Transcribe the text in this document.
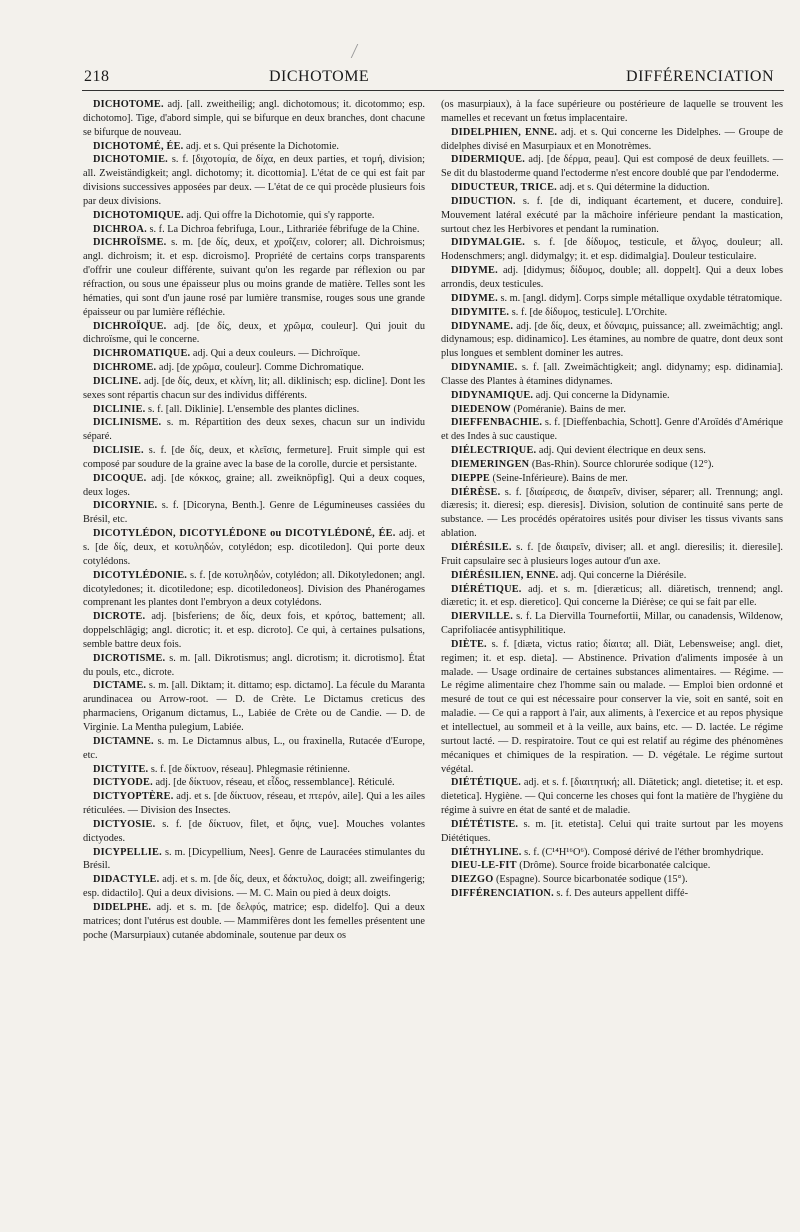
218	DICHOTOME	DIFFÉRENCIATION

DICHOTOME. adj. [all. zweitheilig; angl. dichotomous; it. dicotommo; esp. dichotomo]. Tige, d'abord simple, qui se bifurque en deux branches, dont chacune se bifurque de nouveau.

DICHOTOMÉ, ÉE. adj. et s. Qui présente la Dichotomie.

DICHOTOMIE. s. f. [διχοτομία, de δίχα, en deux parties, et τομή, division; all. Zweiständigkeit; angl. dichotomy; it. dicottomia]. L'état de ce qui est fait par divisions successives apposées par deux. — L'état de ce qui procède plusieurs fois par deux divisions.

DICHOTOMIQUE. adj. Qui offre la Dichotomie, qui s'y rapporte.

DICHROA. s. f. La Dichroa febrifuga, Lour., Lithrariée fébrifuge de la Chine.

DICHROÏSME. s. m. [de δίς, deux, et χροΐζειν, colorer; all. Dichroismus; angl. dichroism; it. et esp. dicroismo]. Propriété de certains corps transparents d'offrir une couleur différente, suivant qu'on les regarde par réflexion ou par réfraction, ou sous une épaisseur plus ou moins grande de matière. Telles sont les hématies, qui sont d'un jaune rosé par lumière transmise, rouges sous une grande épaisseur ou par lumière réfléchie.

DICHROÏQUE. adj. [de δίς, deux, et χρῶμα, couleur]. Qui jouit du dichroïsme, qui le concerne.

DICHROMATIQUE. adj. Qui a deux couleurs. — Dichroïque.

DICHROME. adj. [de χρῶμα, couleur]. Comme Dichromatique.

DICLINE. adj. [de δίς, deux, et κλίνη, lit; all. diklinisch; esp. dicline]. Dont les sexes sont répartis chacun sur des individus différents.

DICLINIE. s. f. [all. Diklinie]. L'ensemble des plantes diclines.

DICLINISME. s. m. Répartition des deux sexes, chacun sur un individu séparé.

DICLISIE. s. f. [de δίς, deux, et κλεῖσις, fermeture]. Fruit simple qui est composé par soudure de la graine avec la base de la corolle, durcie et persistante.

DICOQUE. adj. [de κόκκος, graine; all. zweiknöpfig]. Qui a deux coques, deux loges.

DICORYNIE. s. f. [Dicoryna, Benth.]. Genre de Légumineuses cassiées du Brésil, etc.

DICOTYLÉDON, DICOTYLÉDONE ou DICOTYLÉDONÉ, ÉE. adj. et s. [de δίς, deux, et κοτυληδών, cotylédon; esp. dicotiledon]. Qui porte deux cotylédons.

DICOTYLÉDONIE. s. f. [de κοτυληδών, cotylédon; all. Dikotyledonen; angl. dicotyledones; it. dicotiledone; esp. dicotiledoneos]. Division des Phanérogames comprenant les plantes dont l'embryon a deux cotylédons.

DICROTE. adj. [bisferiens; de δίς, deux fois, et κρότος, battement; all. doppelschlägig; angl. dicrotic; it. et esp. dicroto]. Ce qui, à certaines pulsations, semble battre deux fois.

DICROTISME. s. m. [all. Dikrotismus; angl. dicrotism; it. dicrotismo]. État du pouls, etc., dicrote.

DICTAME. s. m. [all. Diktam; it. dittamo; esp. dictamo]. La fécule du Maranta arundinacea ou Arrow-root. — D. de Crète. Le Dictamus creticus des pharmaciens, Origanum dictamus, L., Labiée de Crète ou de Candie. — D. de Virginie. La Mentha pulegium, Labiée.

DICTAMNE. s. m. Le Dictamnus albus, L., ou fraxinella, Rutacée d'Europe, etc.

DICTYITE. s. f. [de δίκτυον, réseau]. Phlegmasie rétinienne.

DICTYODE. adj. [de δίκτυον, réseau, et εἶδος, ressemblance]. Réticulé.

DICTYOPTÈRE. adj. et s. [de δίκτυον, réseau, et πτερόν, aile]. Qui a les ailes réticulées. — Division des Insectes.

DICTYOSIE. s. f. [de δίκτυον, filet, et ὄψις, vue]. Mouches volantes dictyodes.

DICYPELLIE. s. m. [Dicypellium, Nees]. Genre de Lauracées stimulantes du Brésil.

DIDACTYLE. adj. et s. m. [de δίς, deux, et δάκτυλος, doigt; all. zweifingerig; esp. didactilo]. Qui a deux divisions. — M. C. Main ou pied à deux doigts.

DIDELPHE. adj. et s. m. [de δελφύς, matrice; esp. didelfo]. Qui a deux matrices; dont l'utérus est double. — Mammifères dont les femelles présentent une poche (Marsurpiaux) cutanée abdominale, soutenue par deux os

(os masurpiaux), à la face supérieure ou postérieure de laquelle se trouvent les mamelles et recevant un fœtus implacentaire.

DIDELPHIEN, ENNE. adj. et s. Qui concerne les Didelphes. — Groupe de didelphes divisé en Masurpiaux et en Monotrèmes.

DIDERMIQUE. adj. [de δέρμα, peau]. Qui est composé de deux feuillets. — Se dit du blastoderme quand l'ectoderme n'est encore doublé que par l'endoderme.

DIDUCTEUR, TRICE. adj. et s. Qui détermine la diduction.

DIDUCTION. s. f. [de di, indiquant écartement, et ducere, conduire]. Mouvement latéral exécuté par la mâchoire inférieure pendant la mastication, surtout chez les Herbivores et pendant la rumination.

DIDYMALGIE. s. f. [de δίδυμος, testicule, et ἄλγος, douleur; all. Hodenschmers; angl. didymalgy; it. et esp. didimalgia]. Douleur testiculaire.

DIDYME. adj. [didymus; δίδυμος, double; all. doppelt]. Qui a deux lobes arrondis, deux testicules.

DIDYME. s. m. [angl. didym]. Corps simple métallique oxydable tétratomique.

DIDYMITE. s. f. [de δίδυμος, testicule]. L'Orchite.

DIDYNAME. adj. [de δίς, deux, et δύναμις, puissance; all. zweimächtig; angl. didynamous; esp. didinamico]. Les étamines, au nombre de quatre, dont deux sont plus longues et semblent dominer les autres.

DIDYNAMIE. s. f. [all. Zweimächtigkeit; angl. didynamy; esp. didinamia]. Classe des Plantes à étamines didynames.

DIDYNAMIQUE. adj. Qui concerne la Didynamie.

DIEDENOW (Poméranie). Bains de mer.

DIEFFENBACHIE. s. f. [Dieffenbachia, Schott]. Genre d'Aroïdés d'Amérique et des Indes à suc caustique.

DIÉLECTRIQUE. adj. Qui devient électrique en deux sens.

DIEMERINGEN (Bas-Rhin). Source chlorurée sodique (12°).

DIEPPE (Seine-Inférieure). Bains de mer.

DIÉRÈSE. s. f. [διαίρεσις, de διαιρεῖν, diviser, séparer; all. Trennung; angl. diæresis; it. dieresi; esp. dieresis]. Division, solution de continuité sans perte de substance. — Les procédés opératoires usités pour diviser les tissus vivants sans ablation.

DIÉRÉSILE. s. f. [de διαιρεῖν, diviser; all. et angl. dieresilis; it. dieresile]. Fruit capsulaire sec à plusieurs loges autour d'un axe.

DIÉRÉSILIEN, ENNE. adj. Qui concerne la Diérésile.

DIÉRÉTIQUE. adj. et s. m. [dieræticus; all. diäretisch, trennend; angl. diæretic; it. et esp. dieretico]. Qui concerne la Diérèse; ce qui se fait par elle.

DIERVILLE. s. f. La Diervilla Tournefortii, Millar, ou canadensis, Wildenow, Caprifoliacée antisyphilitique.

DIÈTE. s. f. [diæta, victus ratio; δίαιτα; all. Diät, Lebensweise; angl. diet, regimen; it. et esp. dieta]. — Abstinence. Privation d'aliments imposée à un malade. — Usage ordinaire de certaines substances alimentaires. — Régime. — Le régime alimentaire chez l'homme sain ou malade. — Emploi bien ordonné et mesuré de tout ce qui est nécessaire pour conserver la vie, soit en santé, soit en maladie. — Ce qui a rapport à l'air, aux aliments, à l'exercice et au repos physique et intellectuel, au sommeil et à la veille, aux bains, etc. — D. lactée. Le régime surtout lacté. — D. respiratoire. Tout ce qui est relatif au régime des phénomènes mécaniques et chimiques de la respiration. — D. végétale. Le régime surtout végétal.

DIÉTÉTIQUE. adj. et s. f. [διαιτητική; all. Diätetick; angl. dietetise; it. et esp. dietetica]. Hygiène. — Qui concerne les choses qui font la matière de l'hygiène du régime à suivre en état de santé et de maladie.

DIÉTÉTISTE. s. m. [it. etetista]. Celui qui traite surtout par les moyens Diététiques.

DIÉTHYLINE. s. f. (C¹⁴H¹⁶O⁶). Composé dérivé de l'éther bromhydrique.

DIEU-LE-FIT (Drôme). Source froide bicarbonatée calcique.

DIEZGO (Espagne). Source bicarbonatée sodique (15°).

DIFFÉRENCIATION. s. f. Des auteurs appellent diffé-
